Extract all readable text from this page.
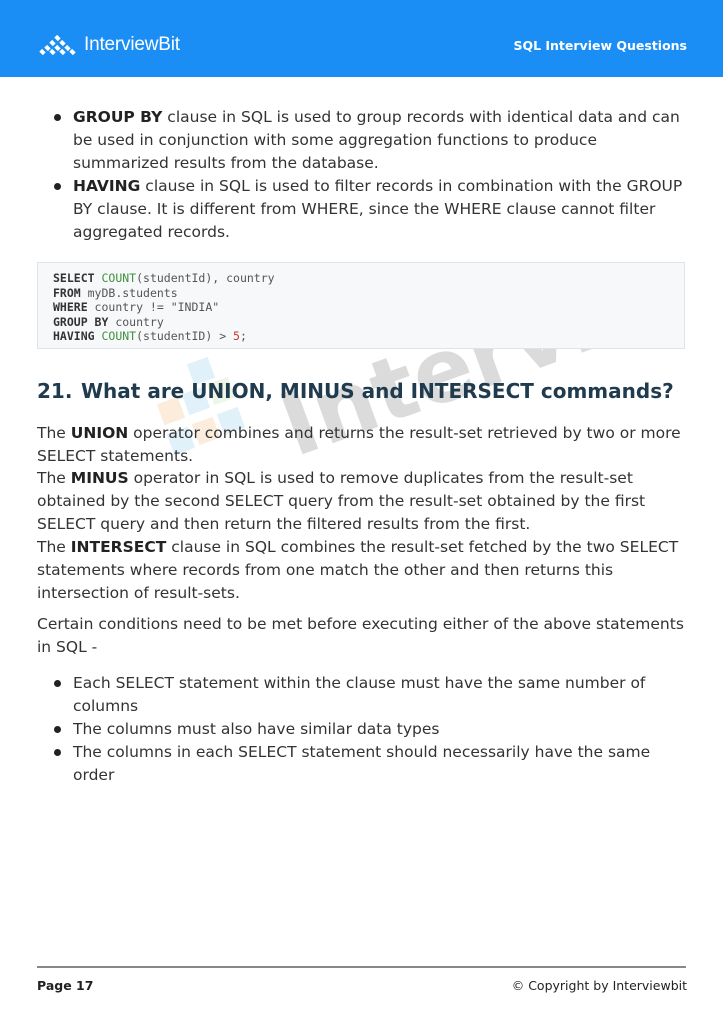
InterviewBit	SQL Interview Questions
GROUP BY clause in SQL is used to group records with identical data and can be used in conjunction with some aggregation functions to produce summarized results from the database.
HAVING clause in SQL is used to filter records in combination with the GROUP BY clause. It is different from WHERE, since the WHERE clause cannot filter aggregated records.
SELECT COUNT(studentId), country
FROM myDB.students
WHERE country != "INDIA"
GROUP BY country
HAVING COUNT(studentID) > 5;
21. What are UNION, MINUS and INTERSECT commands?

The UNION operator combines and returns the result-set retrieved by two or more SELECT statements.

The MINUS operator in SQL is used to remove duplicates from the result-set obtained by the second SELECT query from the result-set obtained by the first SELECT query and then return the filtered results from the first.

The INTERSECT clause in SQL combines the result-set fetched by the two SELECT statements where records from one match the other and then returns this intersection of result-sets.

Certain conditions need to be met before executing either of the above statements in SQL -

Each SELECT statement within the clause must have the same number of columns
The columns must also have similar data types
The columns in each SELECT statement should necessarily have the same order
Page 17	© Copyright by Interviewbit
